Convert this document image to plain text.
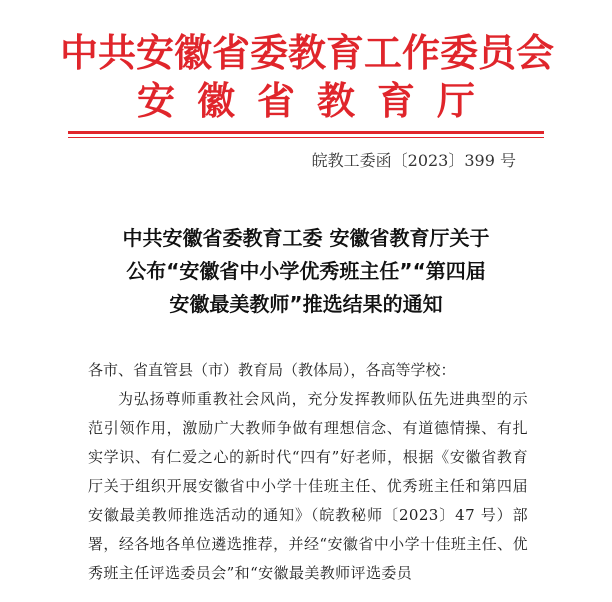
中共安徽省委教育工作委员会
安徽省教育厅
皖教工委函〔2023〕399 号
中共安徽省委教育工委 安徽省教育厅关于
公布“安徽省中小学优秀班主任”“第四届
安徽最美教师”推选结果的通知
各市、省直管县（市）教育局（教体局），各高等学校：
为弘扬尊师重教社会风尚，充分发挥教师队伍先进典型的示范引领作用，激励广大教师争做有理想信念、有道德情操、有扎实学识、有仁爱之心的新时代“四有”好老师，根据《安徽省教育厅关于组织开展安徽省中小学十佳班主任、优秀班主任和第四届安徽最美教师推选活动的通知》（皖教秘师〔2023〕47 号）部署，经各地各单位遴选推荐，并经“安徽省中小学十佳班主任、优秀班主任评选委员会”和“安徽最美教师评选委员
